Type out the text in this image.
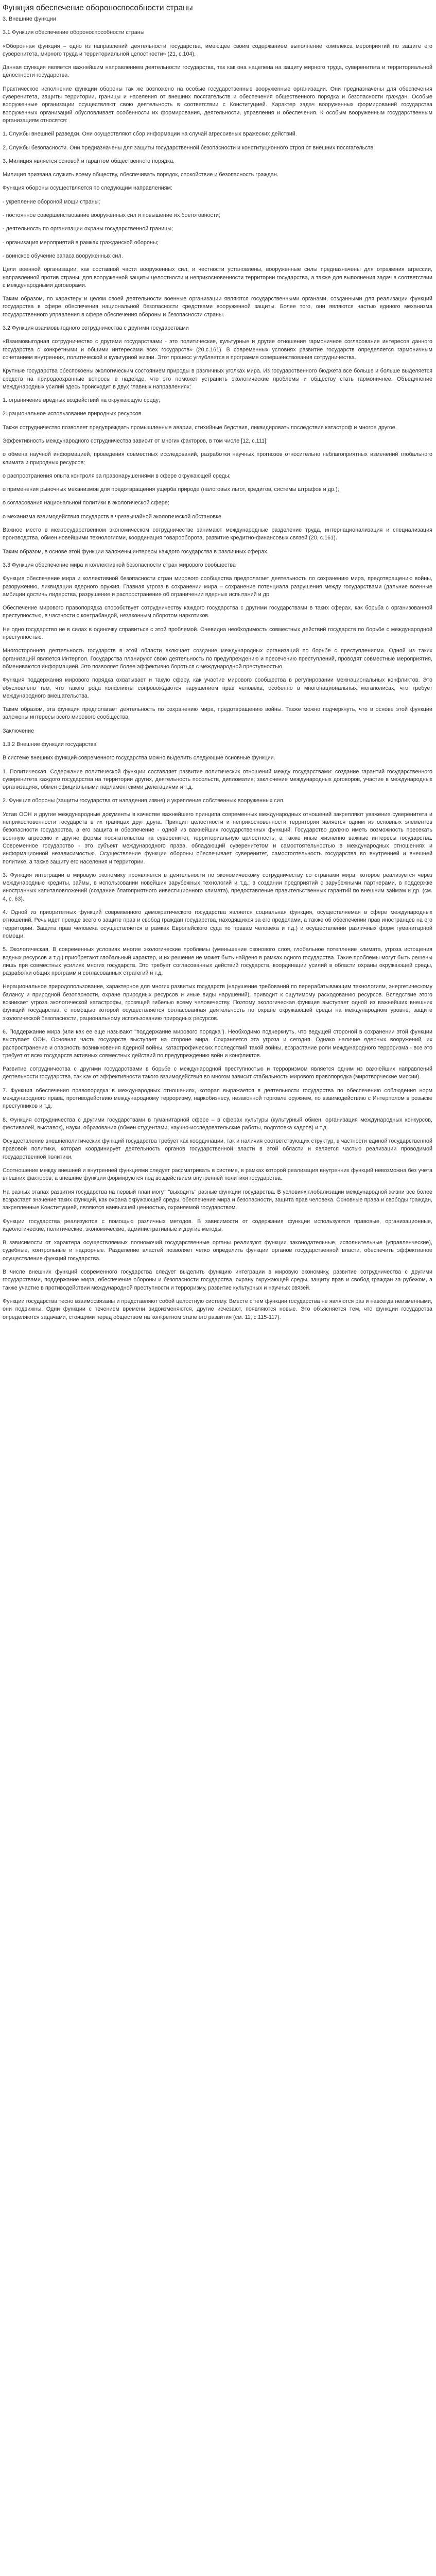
Функция обеспечение обороноспособности страны

3. Внешние функции

3.1 Функция обеспечение обороноспособности страны

«Оборонная функция – одно из направлений деятельности государства, имеющее своим содержанием выполнение комплекса мероприятий по защите его суверенитета, мирного труда и территориальной целостности» (21, с.104).

Данная функция является важнейшим направлением деятельности государства, так как она нацелена на защиту мирного труда, суверенитета и территориальной целостности государства.

Практическое исполнение функции обороны так же возложено на особые государственные вооруженные организации. Они предназначены для обеспечения суверенитета, защиты территории, границы и населения от внешних посягательств и обеспечения общественного порядка и безопасности граждан. Особые вооруженные организации осуществляют свою деятельность в соответствии с Конституцией. Характер задач вооруженных формирований государства вооруженных организаций обусловливает особенности их формирования, деятельности, управления и обеспечения. К особым вооруженным государственным организациям относятся:

1. Службы внешней разведки. Они осуществляют сбор информации на случай агрессивных вражеских действий.

2. Службы безопасности. Они предназначены для защиты государственной безопасности и конституционного строя от внешних посягательств.

3. Милиция является основой и гарантом общественного порядка.

Милиция призвана служить всему обществу, обеспечивать порядок, спокойствие и безопасность граждан.

Функция обороны осуществляется по следующим направлениям:

- укрепление обороной мощи страны;

- постоянное совершенствование вооруженных сил и повышение их боеготовности;

- деятельность по организации охраны государственной границы;

- организация мероприятий в рамках гражданской обороны;

- воинское обучение запаса вооруженных сил.

Цели военной организации, как составной части вооруженных сил, и честности установлены, вооруженные силы предназначены для отражения агрессии, направленной против страны, для вооруженной защиты целостности и неприкосновенности территории государства, а также для выполнения задач в соответствии с международными договорами.

Таким образом, по характеру и целям своей деятельности военные организации являются государственными органами, созданными для реализации функций государства в сфере обеспечения национальной безопасности средствами вооруженной защиты. Более того, они являются частью единого механизма государственного управления в сфере обеспечения обороны и безопасности страны.

3.2 Функция взаимовыгодного сотрудничества с другими государствами

«Взаимовыгодная сотрудничество с другими государствами - это политические, культурные и другие отношения гармоничное согласование интересов данного государства с конкретными и общими интересами всех государств» (20,с.161). В современных условиях развитие государств определяется гармоничным сочетанием внутренних, политической и культурной жизни. Этот процесс углубляется в программе совершенствования сотрудничества.

Крупные государства обеспокоены экологическим состоянием природы в различных уголках мира. Из государственного бюджета все больше и больше выделяется средств на природоохранные вопросы в надежде, что это поможет устранить экологические проблемы и обществу стать гармоничнее. Объединение международных усилий здесь происходит в двух главных направлениях:

1. ограничение вредных воздействий на окружающую среду;

2. рациональное использование природных ресурсов.

Также сотрудничество позволяет предупреждать промышленные аварии, стихийные бедствия, ликвидировать последствия катастроф и многое другое.

Эффективность международного сотрудничества зависит от многих факторов, в том числе [12, с.111]:

о обмена научной информацией, проведения совместных исследований, разработки научных прогнозов относительно неблагоприятных изменений глобального климата и природных ресурсов;

о распространения опыта контроля за правонарушениями в сфере окружающей среды;

о применения рыночных механизмов для предотвращения ущерба природе (налоговых льгот, кредитов, системы штрафов и др.);

о согласования национальной политики в экологической сфере;

о механизма взаимодействия государств в чрезвычайной экологической обстановке.

Важное место в межгосударственном экономическом сотрудничестве занимают международные разделение труда, интернационализация и специализация производства, обмен новейшими технологиями, координация товарооборота, развитие кредитно-финансовых связей (20, с.161).

Таким образом, в основе этой функции заложены интересы каждого государства в различных сферах.

3.3 Функция обеспечение мира и коллективной безопасности стран мирового сообщества

Функция обеспечение мира и коллективной безопасности стран мирового сообщества предполагает деятельность по сохранению мира, предотвращению войны, разоружению, ликвидации ядерного оружия. Главная угроза в сохранении мира – сохранение потенциала разрушения между государствами (дальние военные амбиции достичь лидерства, разрушение и распространение об ограничении ядерных испытаний и др.

Обеспечение мирового правопорядка способствует сотрудничеству каждого государства с другими государствами в таких сферах, как борьба с организованной преступностью, в частности с контрабандой, незаконным оборотом наркотиков.

Не одно государство не в силах в одиночку справиться с этой проблемой. Очевидна необходимость совместных действий государств по борьбе с международной преступностью.

Многосторонняя деятельность государств в этой области включает создание международных организаций по борьбе с преступлениями. Одной из таких организаций является Интерпол. Государства планируют свою деятельность по предупреждению и пресечению преступлений, проводят совместные мероприятия, обмениваются информацией. Это позволяет более эффективно бороться с международной преступностью.

Функция поддержания мирового порядка охватывает и такую сферу, как участие мирового сообщества в регулировании межнациональных конфликтов. Это обусловлено тем, что такого рода конфликты сопровождаются нарушением прав человека, особенно в многонациональных мегаполисах, что требует международного вмешательства.

Таким образом, эта функция предполагает деятельность по сохранению мира, предотвращению войны. Также можно подчеркнуть, что в основе этой функции заложены интересы всего мирового сообщества.

Заключение

1.3.2 Внешние функции государства

В системе внешних функций современного государства можно выделить следующие основные функции.

1. Политическая. Содержание политической функции составляет развитие политических отношений между государствами: создание гарантий государственного суверенитета каждого государства на территории других, деятельность посольств, дипломатия; заключение международных договоров, участие в международных организациях, обмен официальными парламентскими делегациями и т.д.

2. Функция обороны (защиты государства от нападения извне) и укрепление собственных вооруженных сил.

Устав ООН и другие международные документы в качестве важнейшего принципа современных международных отношений закрепляют уважение суверенитета и неприкосновенности государств в их границах друг друга. Принцип целостности и неприкосновенности территории является одним из основных элементов безопасности государства, а его защита и обеспечение - одной из важнейших государственных функций. Государство должно иметь возможность пресекать военную агрессию и другие формы посягательства на суверенитет, территориальную целостность, а также иные жизненно важные интересы государства. Современное государство - это субъект международного права, обладающий суверенитетом и самостоятельностью в международных отношениях и информационной независимостью. Осуществление функции обороны обеспечивает суверенитет, самостоятельность государства во внутренней и внешней политике, а также защиту его населения и территории.

3. Функция интеграции в мировую экономику проявляется в деятельности по экономическому сотрудничеству со странами мира, которое реализуется через международные кредиты, займы, в использовании новейших зарубежных технологий и т.д.; в создании предприятий с зарубежными партнерами, в поддержке иностранных капиталовложений (создание благоприятного инвестиционного климата), предоставление правительственных гарантий по внешним займам и др. (см. 4, с. 63).

4. Одной из приоритетных функций современного демократического государства является социальная функция, осуществляемая в сфере международных отношений. Речь идет прежде всего о защите прав и свобод граждан государства, находящихся за его пределами, а также об обеспечении прав иностранцев на его территории. Защита прав человека осуществляется в рамках Европейского суда по правам человека и т.д.) и осуществлении различных форм гуманитарной помощи.

5. Экологическая. В современных условиях многие экологические проблемы (уменьшение озонового слоя, глобальное потепление климата, угроза истощения водных ресурсов и т.д.) приобретают глобальный характер, и их решение не может быть найдено в рамках одного государства. Такие проблемы могут быть решены лишь при совместных усилиях многих государств. Это требует согласованных действий государств, координации усилий в области охраны окружающей среды, разработки общих программ и согласованных стратегий и т.д.

Нерациональное природопользование, характерное для многих развитых государств (нарушение требований по перерабатывающим технологиям, энергетическому балансу и природной безопасности, охране природных ресурсов и иные виды нарушений), приводит к ощутимому расходованию ресурсов. Вследствие этого возникает угроза экологической катастрофы, грозящей гибелью всему человечеству. Поэтому экологическая функция выступает одной из важнейших внешних функций государства, с помощью которой осуществляется согласованная деятельность по охране окружающей среды на международном уровне, защите экологической безопасности, рациональному использованию природных ресурсов.

6. Поддержание мира (или как ее еще называют "поддержание мирового порядка"). Необходимо подчеркнуть, что ведущей стороной в сохранении этой функции выступает ООН. Основная часть государств выступает на стороне мира. Сохраняется эта угроза и сегодня. Однако наличие ядерных вооружений, их распространение и опасность возникновения ядерной войны, катастрофических последствий такой войны, возрастание роли международного терроризма - все это требует от всех государств активных совместных действий по предупреждению войн и конфликтов.

Развитие сотрудничества с другими государствами в борьбе с международной преступностью и терроризмом является одним из важнейших направлений деятельности государства, так как от эффективности такого взаимодействия во многом зависит стабильность мирового правопорядка (миротворческие миссии).

7. Функция обеспечения правопорядка в международных отношениях, которая выражается в деятельности государства по обеспечению соблюдения норм международного права, противодействию международному терроризму, наркобизнесу, незаконной торговле оружием, по взаимодействию с Интерполом в розыске преступников и т.д.

8. Функция сотрудничества с другими государствами в гуманитарной сфере – в сферах культуры (культурный обмен, организация международных конкурсов, фестивалей, выставок), науки, образования (обмен студентами, научно-исследовательские работы, подготовка кадров) и т.д.

Осуществление внешнеполитических функций государства требует как координации, так и наличия соответствующих структур, в частности единой государственной правовой политики, которая координирует деятельность органов государственной власти в этой области и является частью реализации проводимой государственной политики.

Соотношение между внешней и внутренней функциями следует рассматривать в системе, в рамках которой реализация внутренних функций невозможна без учета внешних факторов, а внешние функции формируются под воздействием внутренней политики государства.

На разных этапах развития государства на первый план могут "выходить" разные функции государства. В условиях глобализации международной жизни все более возрастает значение таких функций, как охрана окружающей среды, обеспечение мира и безопасности, защита прав человека. Основные права и свободы граждан, закрепленные Конституцией, являются наивысшей ценностью, охраняемой государством.

Функции государства реализуются с помощью различных методов. В зависимости от содержания функции используются правовые, организационные, идеологические, политические, экономические, административные и другие методы.

В зависимости от характера осуществляемых полномочий государственные органы реализуют функции законодательные, исполнительные (управленческие), судебные, контрольные и надзорные. Разделение властей позволяет четко определить функции органов государственной власти, обеспечить эффективное осуществление функций государства.

В числе внешних функций современного государства следует выделить функцию интеграции в мировую экономику, развитие сотрудничества с другими государствами, поддержание мира, обеспечение обороны и безопасности государства, охрану окружающей среды, защиту прав и свобод граждан за рубежом, а также участие в противодействии международной преступности и терроризму, развитие культурных и научных связей.

Функции государства тесно взаимосвязаны и представляют собой целостную систему. Вместе с тем функции государства не являются раз и навсегда неизменными, они подвижны. Одни функции с течением времени видоизменяются, другие исчезают, появляются новые. Это объясняется тем, что функции государства определяются задачами, стоящими перед обществом на конкретном этапе его развития (см. 11, с.115-117).
